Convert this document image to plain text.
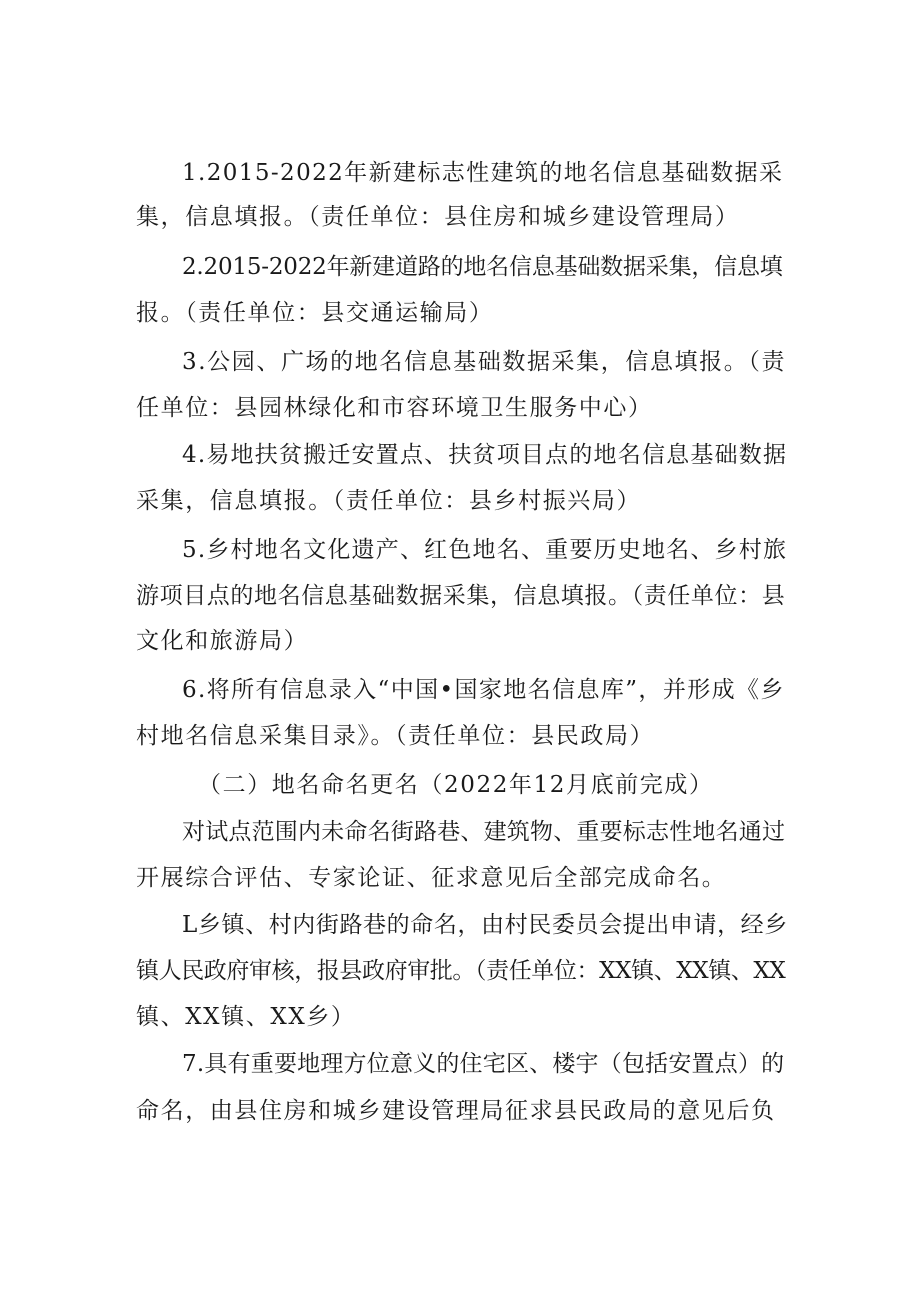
1.2015-2022年新建标志性建筑的地名信息基础数据采
集，信息填报。（责任单位：县住房和城乡建设管理局）
2.2015-2022年新建道路的地名信息基础数据采集，信息填
报。（责任单位：县交通运输局）
3.公园、广场的地名信息基础数据采集，信息填报。（责
任单位：县园林绿化和市容环境卫生服务中心）
4.易地扶贫搬迁安置点、扶贫项目点的地名信息基础数据
采集，信息填报。（责任单位：县乡村振兴局）
5.乡村地名文化遗产、红色地名、重要历史地名、乡村旅
游项目点的地名信息基础数据采集，信息填报。（责任单位：县
文化和旅游局）
6.将所有信息录入“中国•国家地名信息库”，并形成《乡
村地名信息采集目录》。（责任单位：县民政局）
（二）地名命名更名（2022年12月底前完成）
对试点范围内未命名街路巷、建筑物、重要标志性地名通过
开展综合评估、专家论证、征求意见后全部完成命名。
L乡镇、村内街路巷的命名，由村民委员会提出申请，经乡
镇人民政府审核，报县政府审批。（责任单位：XX镇、XX镇、XX
镇、XX镇、XX乡）
7.具有重要地理方位意义的住宅区、楼宇（包括安置点）的
命名，由县住房和城乡建设管理局征求县民政局的意见后负
